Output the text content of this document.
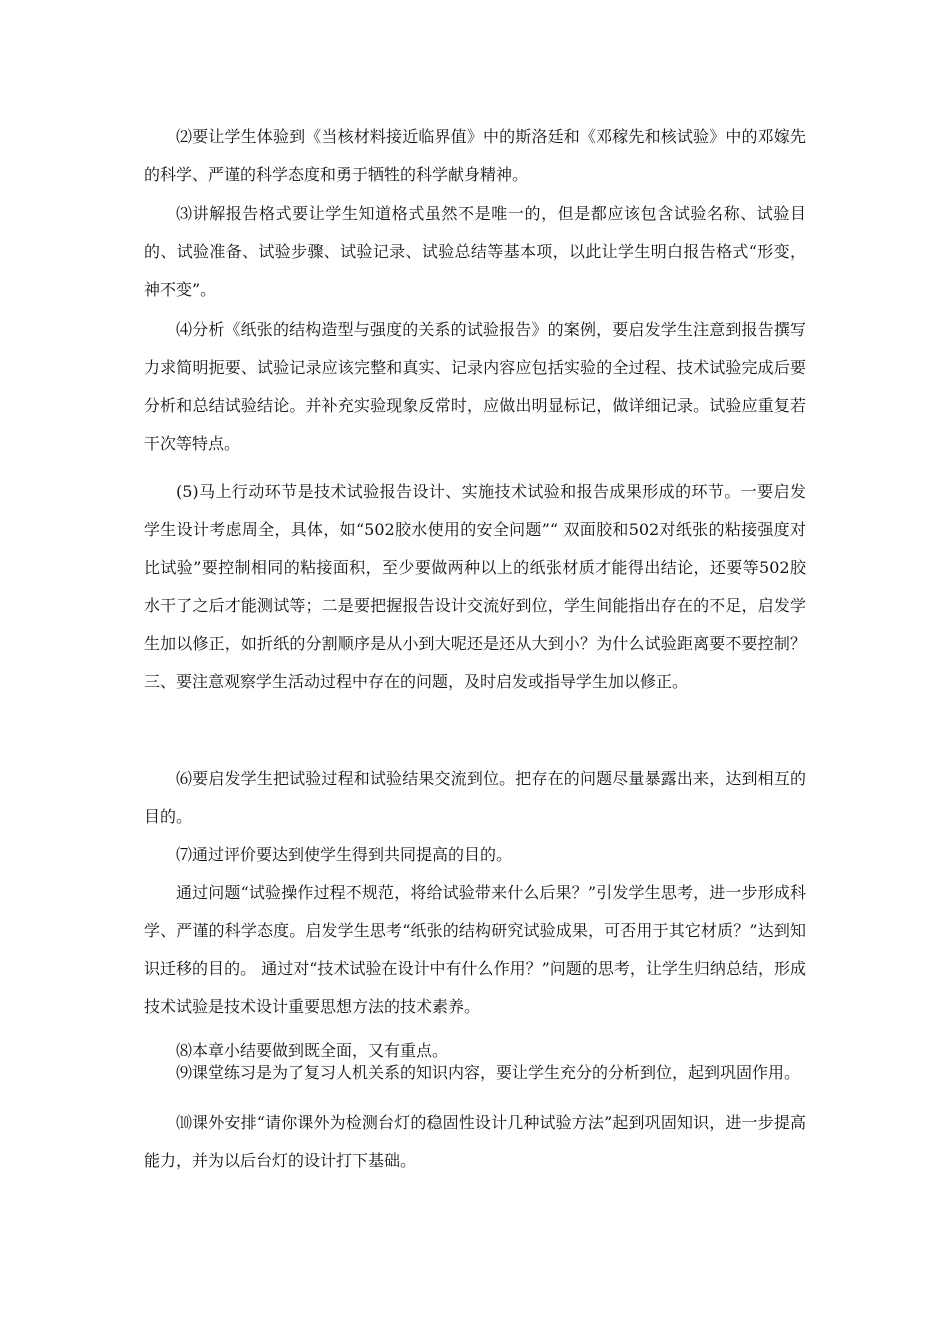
⑵要让学生体验到《当核材料接近临界值》中的斯洛廷和《邓稼先和核试验》中的邓嫁先的科学、严谨的科学态度和勇于牺牲的科学献身精神。

⑶讲解报告格式要让学生知道格式虽然不是唯一的，但是都应该包含试验名称、试验目的、试验准备、试验步骤、试验记录、试验总结等基本项，以此让学生明白报告格式“形变，神不变”。

⑷分析《纸张的结构造型与强度的关系的试验报告》的案例，要启发学生注意到报告撰写力求简明扼要、试验记录应该完整和真实、记录内容应包括实验的全过程、技术试验完成后要分析和总结试验结论。并补充实验现象反常时，应做出明显标记，做详细记录。试验应重复若干次等特点。

(5)马上行动环节是技术试验报告设计、实施技术试验和报告成果形成的环节。一要启发学生设计考虑周全，具体，如“502胶水使用的安全问题”“ 双面胶和502对纸张的粘接强度对比试验”要控制相同的粘接面积，至少要做两种以上的纸张材质才能得出结论，还要等502胶水干了之后才能测试等；二是要把握报告设计交流好到位，学生间能指出存在的不足，启发学生加以修正，如折纸的分割顺序是从小到大呢还是还从大到小？为什么试验距离要不要控制？三、要注意观察学生活动过程中存在的问题，及时启发或指导学生加以修正。

⑹要启发学生把试验过程和试验结果交流到位。把存在的问题尽量暴露出来，达到相互的目的。

⑺通过评价要达到使学生得到共同提高的目的。

通过问题“试验操作过程不规范，将给试验带来什么后果？”引发学生思考，进一步形成科学、严谨的科学态度。启发学生思考“纸张的结构研究试验成果，可否用于其它材质？”达到知识迁移的目的。 通过对“技术试验在设计中有什么作用？”问题的思考，让学生归纳总结，形成技术试验是技术设计重要思想方法的技术素养。

⑻本章小结要做到既全面，又有重点。

⑼课堂练习是为了复习人机关系的知识内容，要让学生充分的分析到位，起到巩固作用。

⑽课外安排“请你课外为检测台灯的稳固性设计几种试验方法”起到巩固知识，进一步提高能力，并为以后台灯的设计打下基础。
